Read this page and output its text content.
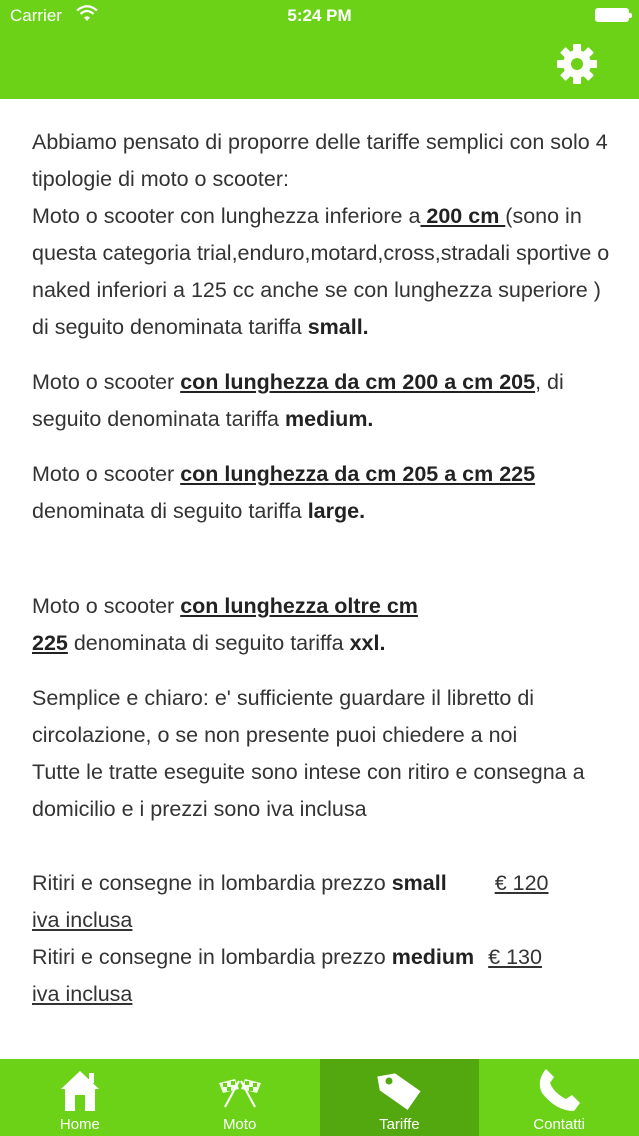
Carrier	5:24 PM

Abbiamo pensato di proporre delle tariffe semplici con solo 4 tipologie di moto o scooter:
Moto o scooter con lunghezza inferiore a 200 cm (sono in questa categoria trial,enduro,motard,cross,stradali sportive o naked inferiori a 125 cc anche se con lunghezza superiore ) di seguito denominata tariffa small.

Moto o scooter con lunghezza da cm 200 a cm 205, di seguito denominata tariffa medium.

Moto o scooter con lunghezza da cm 205 a cm 225 denominata di seguito tariffa large.

Moto o scooter con lunghezza oltre cm
225 denominata di seguito tariffa xxl.

Semplice e chiaro: e' sufficiente guardare il libretto di circolazione, o se non presente puoi chiedere a noi
Tutte le tratte eseguite sono intese con ritiro e consegna a domicilio e i prezzi sono iva inclusa

Ritiri e consegne in lombardia prezzo small € 120
iva inclusa

Ritiri e consegne in lombardia prezzo medium € 130
iva inclusa

Home	Moto	Tariffe	Contatti
